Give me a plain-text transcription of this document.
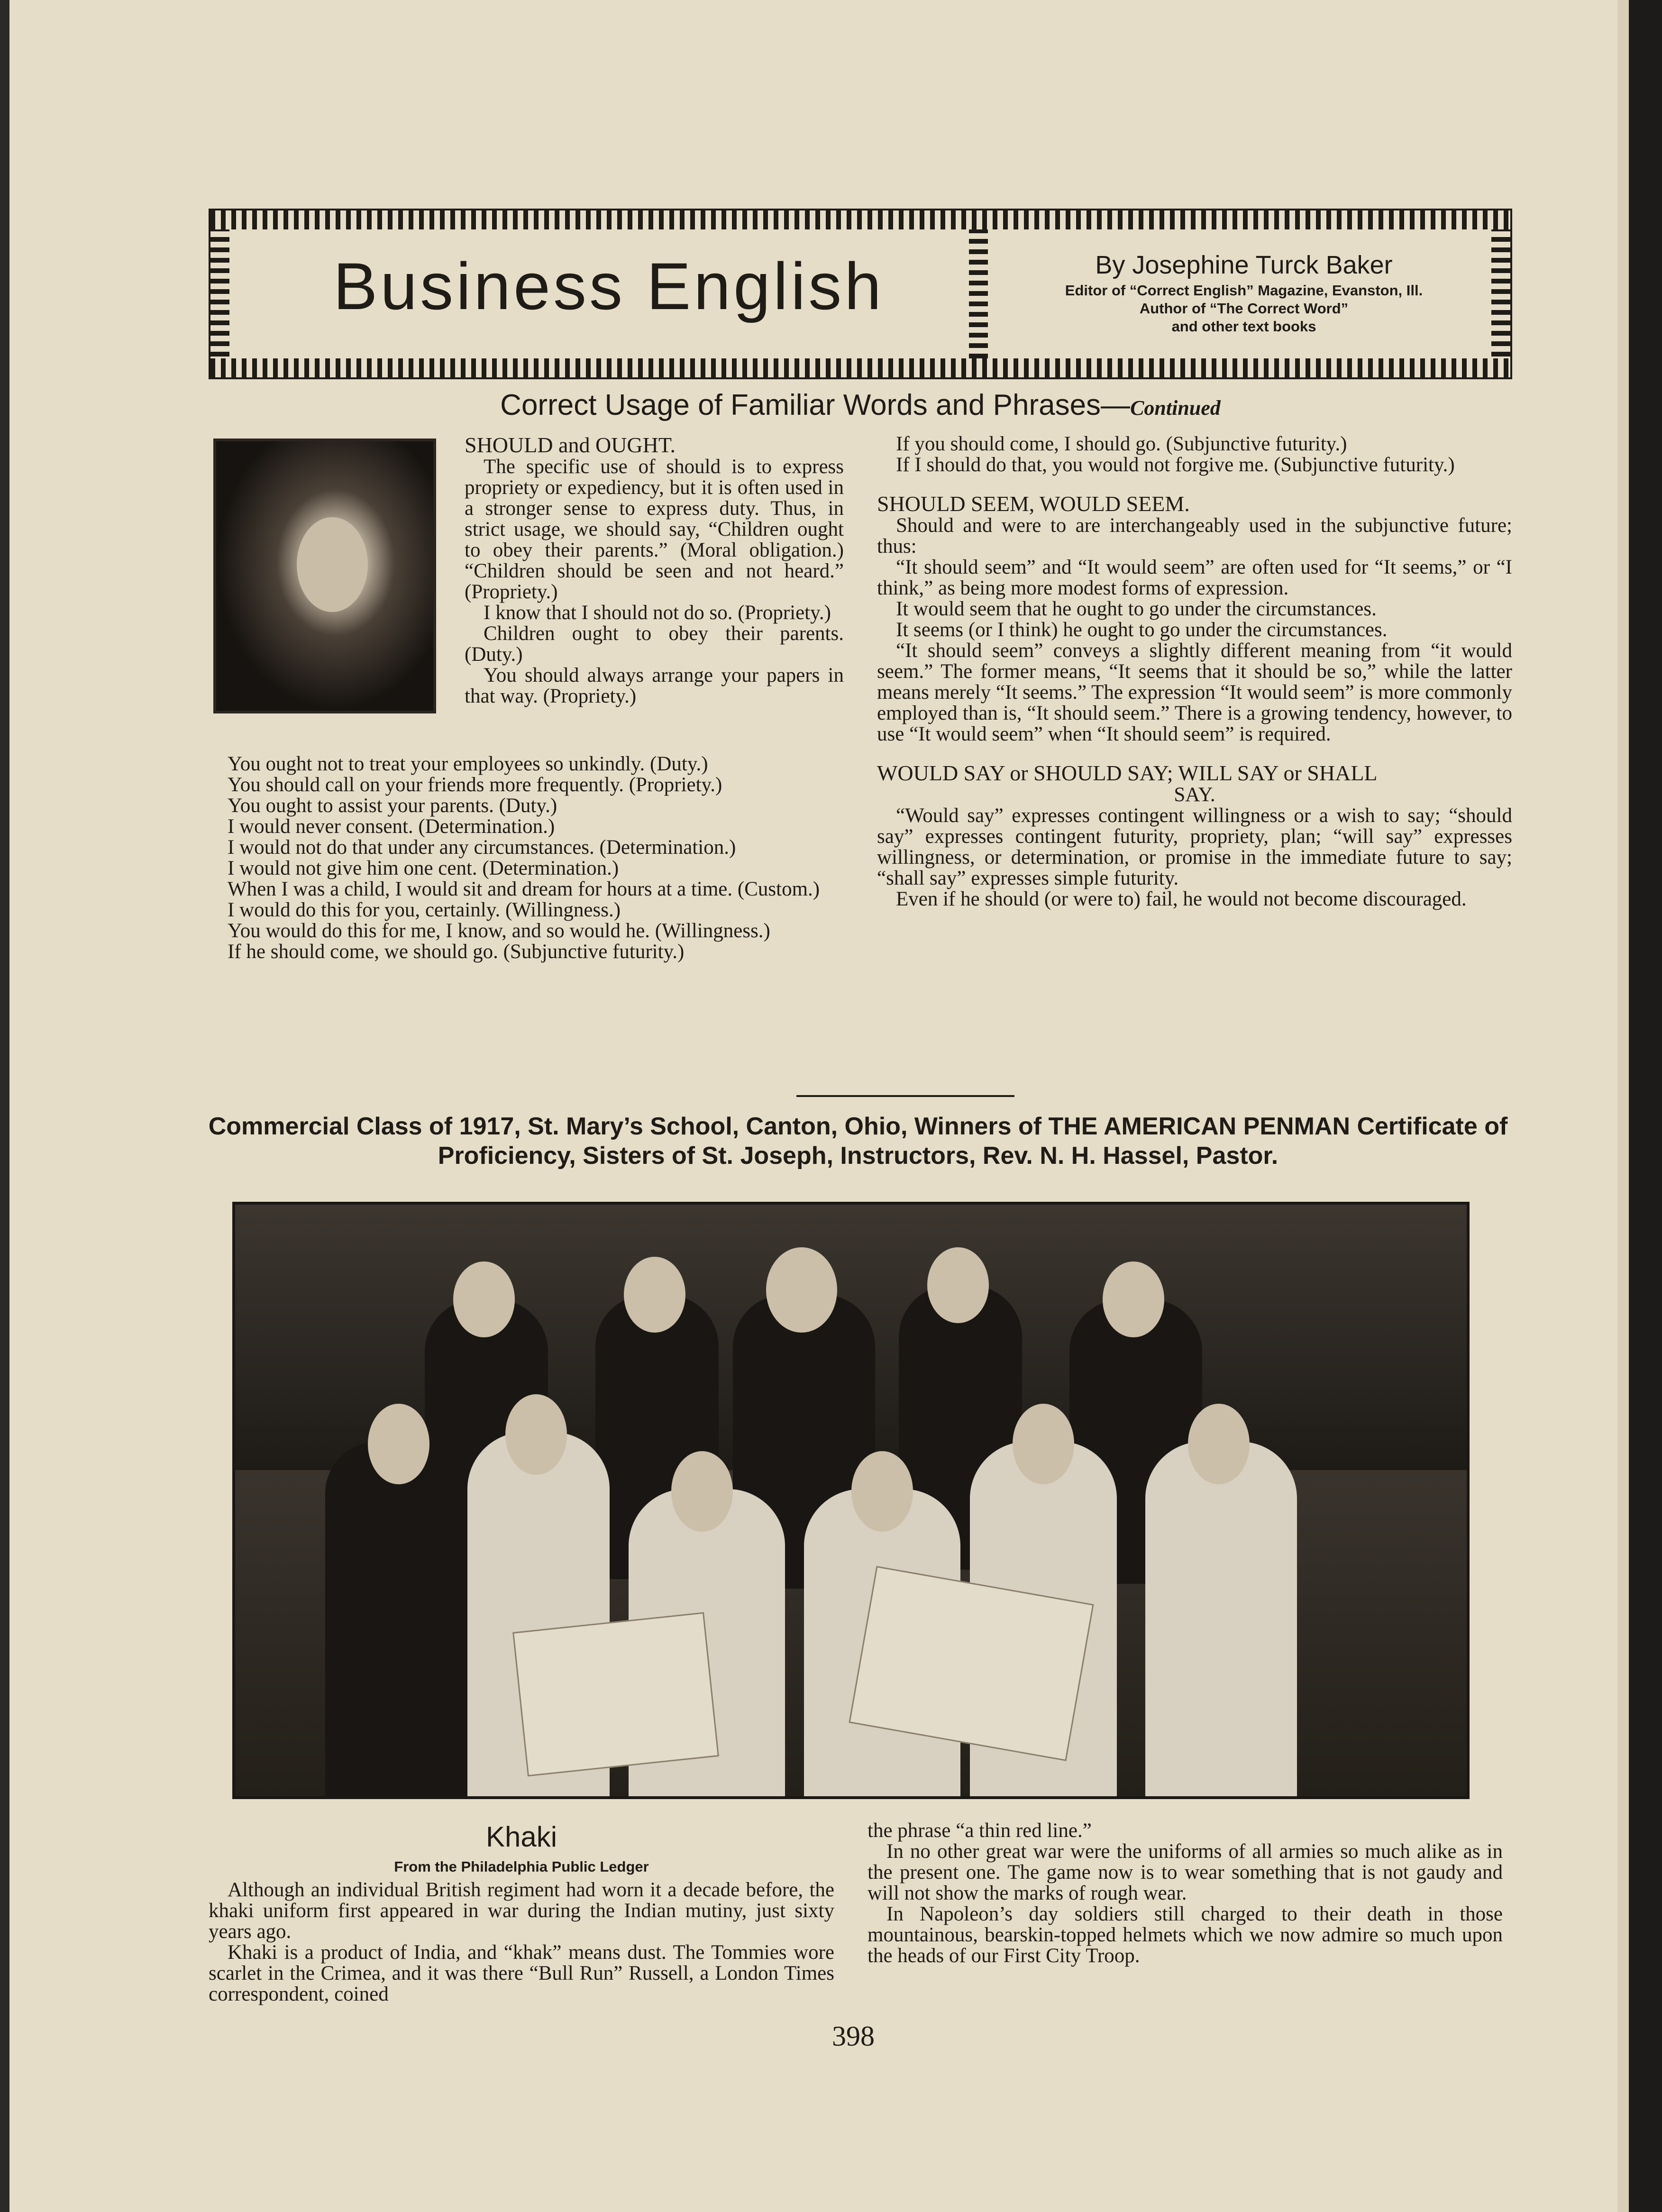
Business English	By Josephine Turck Baker
Editor of “Correct English” Magazine, Evanston, Ill.
Author of “The Correct Word”
and other text books
Correct Usage of Familiar Words and Phrases—Continued
SHOULD and OUGHT.

The specific use of should is to express propriety or expediency, but it is often used in a stronger sense to express duty. Thus, in strict usage, we should say, “Children ought to obey their parents.” (Moral obligation.) “Children should be seen and not heard.” (Propriety.)

I know that I should not do so. (Propriety.)

Children ought to obey their parents. (Duty.)

You should always arrange your papers in that way. (Propriety.)

You ought not to treat your employees so unkindly. (Duty.)

You should call on your friends more frequently. (Propriety.)

You ought to assist your parents. (Duty.)

I would never consent. (Determination.)

I would not do that under any circumstances. (Determination.)

I would not give him one cent. (Determination.)

When I was a child, I would sit and dream for hours at a time. (Custom.)

I would do this for you, certainly. (Willingness.)

You would do this for me, I know, and so would he. (Willingness.)

If he should come, we should go. (Subjunctive futurity.)

If you should come, I should go. (Subjunctive futurity.)

If I should do that, you would not forgive me. (Subjunctive futurity.)

SHOULD SEEM, WOULD SEEM.

Should and were to are interchangeably used in the subjunctive future; thus:

“It should seem” and “It would seem” are often used for “It seems,” or “I think,” as being more modest forms of expression.

It would seem that he ought to go under the circumstances.

It seems (or I think) he ought to go under the circumstances.

“It should seem” conveys a slightly different meaning from “it would seem.” The former means, “It seems that it should be so,” while the latter means merely “It seems.” The expression “It would seem” is more commonly employed than is, “It should seem.” There is a growing tendency, however, to use “It would seem” when “It should seem” is required.

WOULD SAY or SHOULD SAY; WILL SAY or SHALL

SAY.

“Would say” expresses contingent willingness or a wish to say; “should say” expresses contingent futurity, propriety, plan; “will say” expresses willingness, or determination, or promise in the immediate future to say; “shall say” expresses simple futurity.

Even if he should (or were to) fail, he would not become discouraged.

Commercial Class of 1917, St. Mary’s School, Canton, Ohio, Winners of THE AMERICAN PENMAN Certificate of Proficiency, Sisters of St. Joseph, Instructors, Rev. N. H. Hassel, Pastor.

Khaki
From the Philadelphia Public Ledger

Although an individual British regiment had worn it a decade before, the khaki uniform first appeared in war during the Indian mutiny, just sixty years ago.

Khaki is a product of India, and “khak” means dust. The Tommies wore scarlet in the Crimea, and it was there “Bull Run” Russell, a London Times correspondent, coined

the phrase “a thin red line.”

In no other great war were the uniforms of all armies so much alike as in the present one. The game now is to wear something that is not gaudy and will not show the marks of rough wear.

In Napoleon’s day soldiers still charged to their death in those mountainous, bearskin-topped helmets which we now admire so much upon the heads of our First City Troop.

398
